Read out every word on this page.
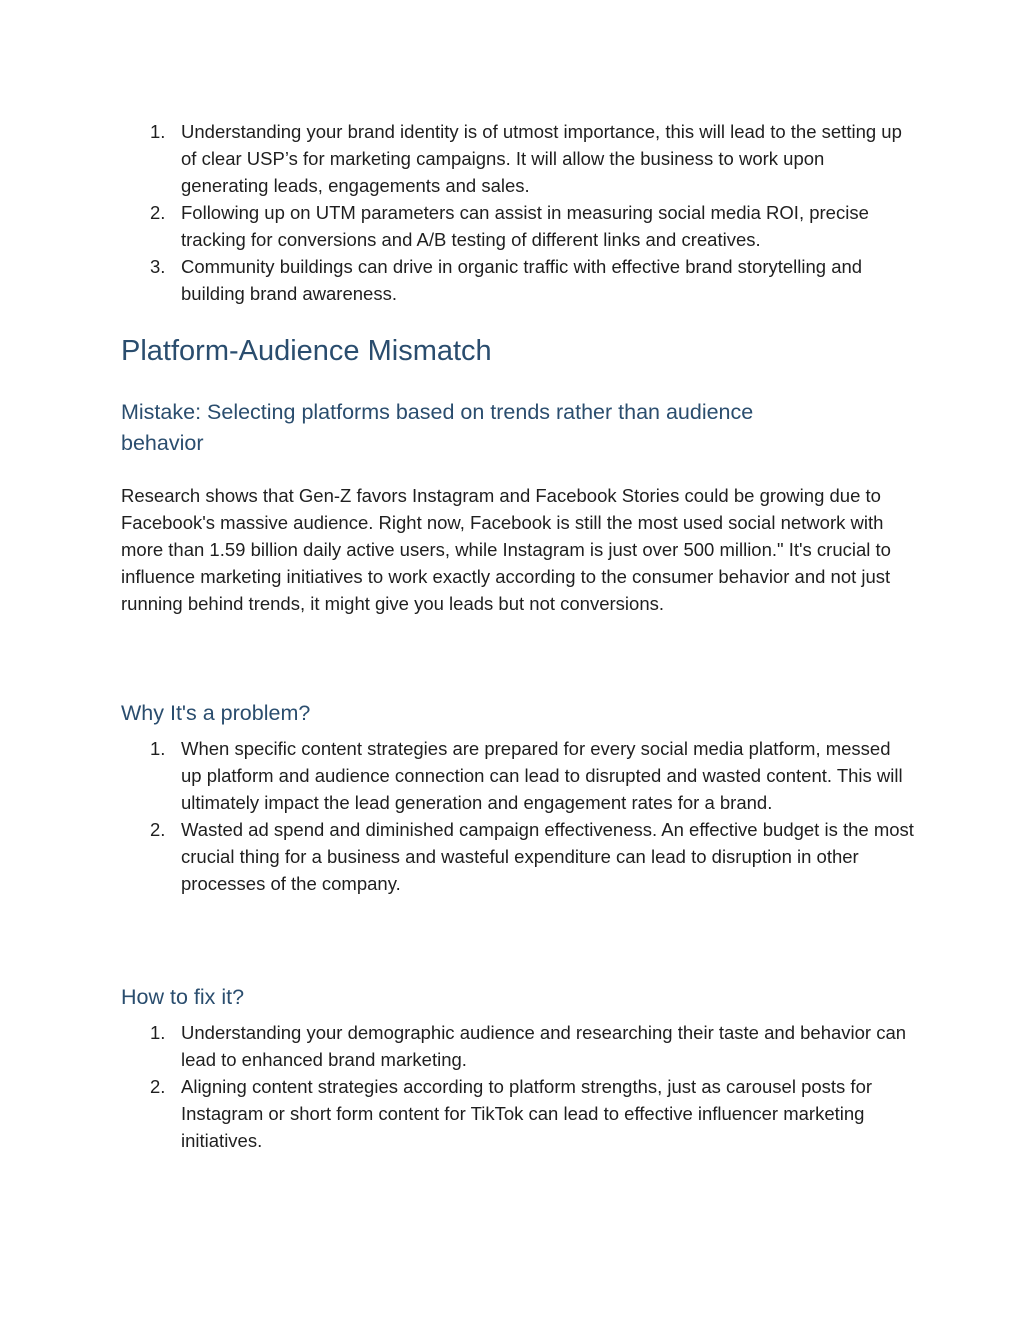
1. Understanding your brand identity is of utmost importance, this will lead to the setting up of clear USP’s for marketing campaigns. It will allow the business to work upon generating leads, engagements and sales.
2. Following up on UTM parameters can assist in measuring social media ROI, precise tracking for conversions and A/B testing of different links and creatives.
3. Community buildings can drive in organic traffic with effective brand storytelling and building brand awareness.
Platform-Audience Mismatch
Mistake: Selecting platforms based on trends rather than audience behavior

Research shows that Gen-Z favors Instagram and Facebook Stories could be growing due to Facebook's massive audience. Right now, Facebook is still the most used social network with more than 1.59 billion daily active users, while Instagram is just over 500 million." It's crucial to influence marketing initiatives to work exactly according to the consumer behavior and not just running behind trends, it might give you leads but not conversions.

Why It's a problem?
1. When specific content strategies are prepared for every social media platform, messed up platform and audience connection can lead to disrupted and wasted content. This will ultimately impact the lead generation and engagement rates for a brand.
2. Wasted ad spend and diminished campaign effectiveness. An effective budget is the most crucial thing for a business and wasteful expenditure can lead to disruption in other processes of the company.
How to fix it?
1. Understanding your demographic audience and researching their taste and behavior can lead to enhanced brand marketing.
2. Aligning content strategies according to platform strengths, just as carousel posts for Instagram or short form content for TikTok can lead to effective influencer marketing initiatives.
